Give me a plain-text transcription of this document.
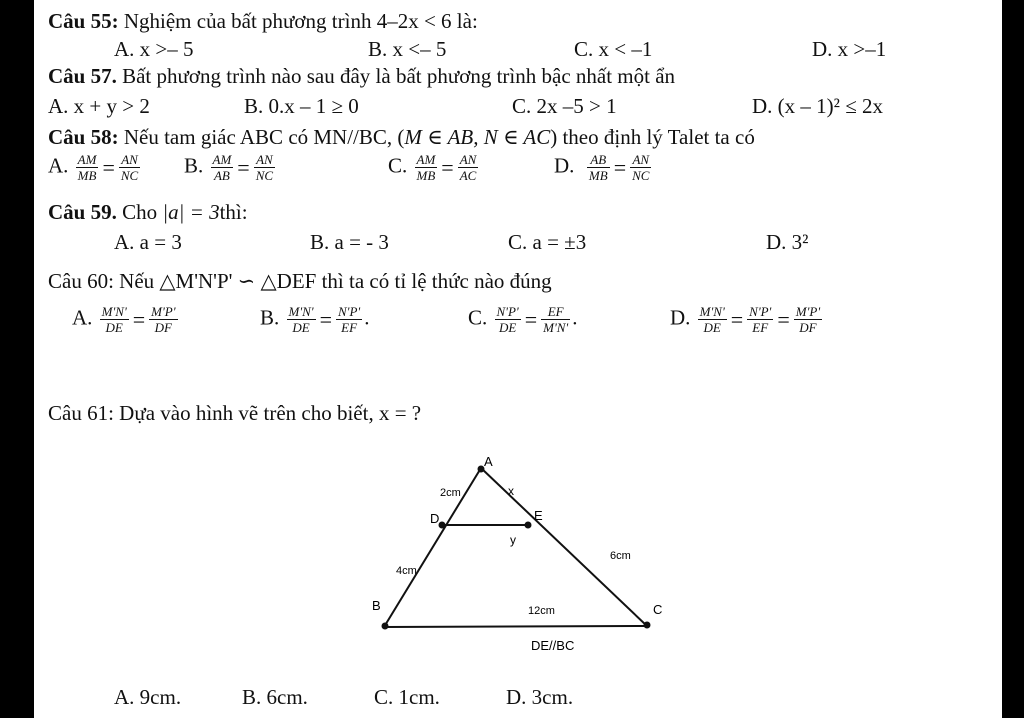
Câu 55: Nghiệm của bất phương trình 4–2x < 6 là:
A. x >– 5	B. x <– 5	C. x < –1	D. x >–1
Câu 57. Bất phương trình nào sau đây là bất phương trình bậc nhất một ẩn
A. x + y > 2	B. 0.x – 1 ≥ 0	C. 2x –5 > 1	D. (x – 1)² ≤ 2x
Câu 58: Nếu tam giác ABC có MN//BC, (M ∈ AB, N ∈ AC) theo định lý Talet ta có
A. $\frac{AM}{MB} = \frac{AN}{NC} B$. $\frac{AM}{AB} = \frac{AN}{NC}$	C. $\frac{AM}{MB} = \frac{AN}{AC}$	D. $\frac{AB}{MB} = \frac{AN}{NC}$
Câu 59. Cho |a| = 3thì:
A. a = 3	B. a = - 3	C. a = ±3	D. 3²
Câu 60: Nếu △M'N'P' ∽ △DEF thì ta có tỉ lệ thức nào đúng
A. $\frac{M'N'}{DE} = \frac{M'P'}{DF}$	B. $\frac{M'N'}{DE} = \frac{N'P'}{EF}$ .	C. $\frac{N'P'}{DE} = \frac{EF}{M'N'}$ .	D. $\frac{M'N'}{DE} = \frac{N'P'}{EF} = \frac{M'P'}{DF}$
Câu 61: Dựa vào hình vẽ trên cho biết, x = ?
A
D	E
B	C
2cm	x
y
4cm
6cm
12cm
DE//BC
A. 9cm.	B. 6cm.	C. 1cm.	D. 3cm.
